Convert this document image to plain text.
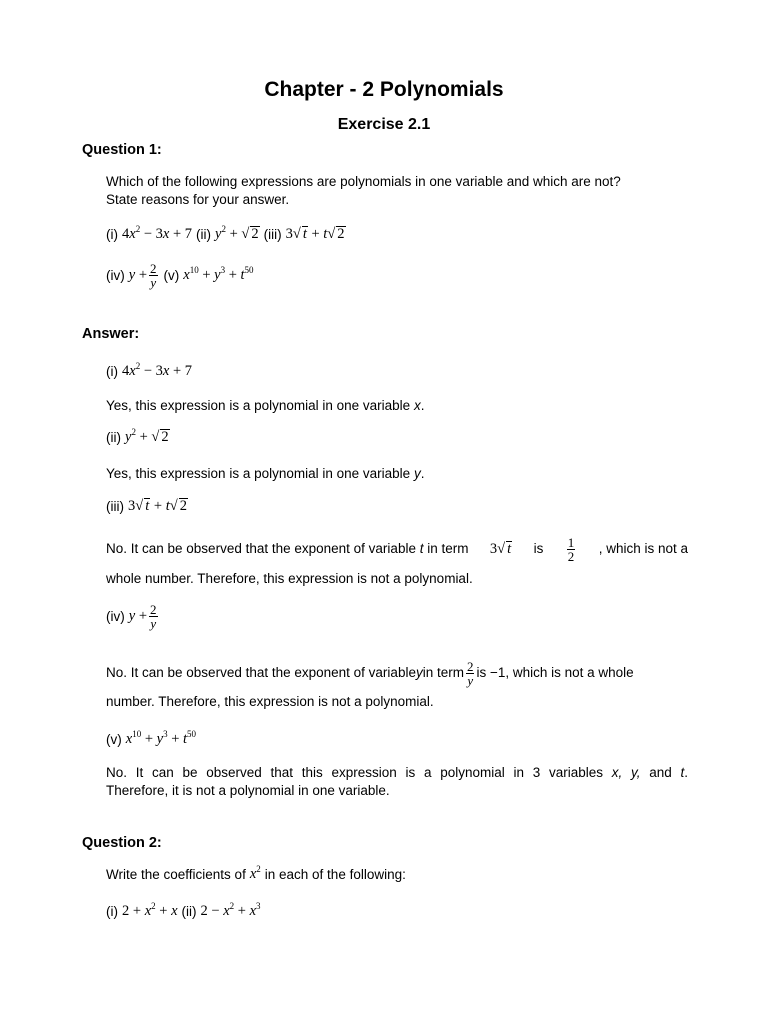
Chapter - 2 Polynomials
Exercise 2.1
Question 1:
Which of the following expressions are polynomials in one variable and which are not?
State reasons for your answer.
(i) $4x^2 - 3x + 7$ (ii) $y^2$ + √ 2 (iii) 3√ t + t√ 2
(iv) $y + \frac{2}{y} (v) x^{10} + y^3 + t^{50}$
Answer:
(i) $4x^2 - 3x + 7$
Yes, this expression is a polynomial in one variable x.
(ii) $y^2$ + √ 2
Yes, this expression is a polynomial in one variable y.
(iii) 3√ t + t√ 2
No. It can be observed that the exponent of variable t in term 3√ t is $\frac{1}{2}$ , which is not a
whole number. Therefore, this expression is not a polynomial.
(iv) $y + \frac{2}{y}$
No. It can be observed that the exponent of variable y in term $\frac{2}{y}$ is −1, which is not a whole
number. Therefore, this expression is not a polynomial.
(v) $x^{10} + y^3 + t^{50}$
No. It can be observed that this expression is a polynomial in 3 variables x, y, and t.
Therefore, it is not a polynomial in one variable.
Question 2:
Write the coefficients of $x^2$ in each of the following:
(i) $2 + x^2 + x$ (ii) $2 - x^2 + x^3$
